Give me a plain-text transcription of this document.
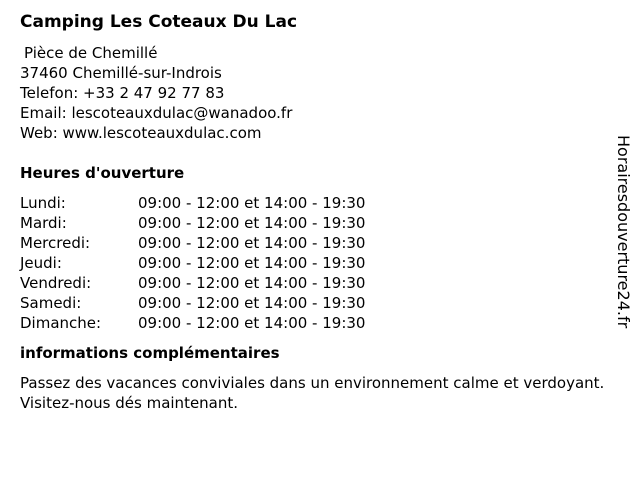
Camping Les Coteaux Du Lac
Pièce de Chemillé
37460 Chemillé-sur-Indrois
Telefon: +33 2 47 92 77 83
Email: lescoteauxdulac@wanadoo.fr
Web: www.lescoteauxdulac.com
Heures d'ouverture
Lundi:	09:00 - 12:00 et 14:00 - 19:30
Mardi:	09:00 - 12:00 et 14:00 - 19:30
Mercredi:	09:00 - 12:00 et 14:00 - 19:30
Jeudi:	09:00 - 12:00 et 14:00 - 19:30
Vendredi:	09:00 - 12:00 et 14:00 - 19:30
Samedi:	09:00 - 12:00 et 14:00 - 19:30
Dimanche:	09:00 - 12:00 et 14:00 - 19:30
informations complémentaires
Passez des vacances conviviales dans un environnement calme et verdoyant. Visitez-nous dés maintenant.
Horairesdouverture24.fr
